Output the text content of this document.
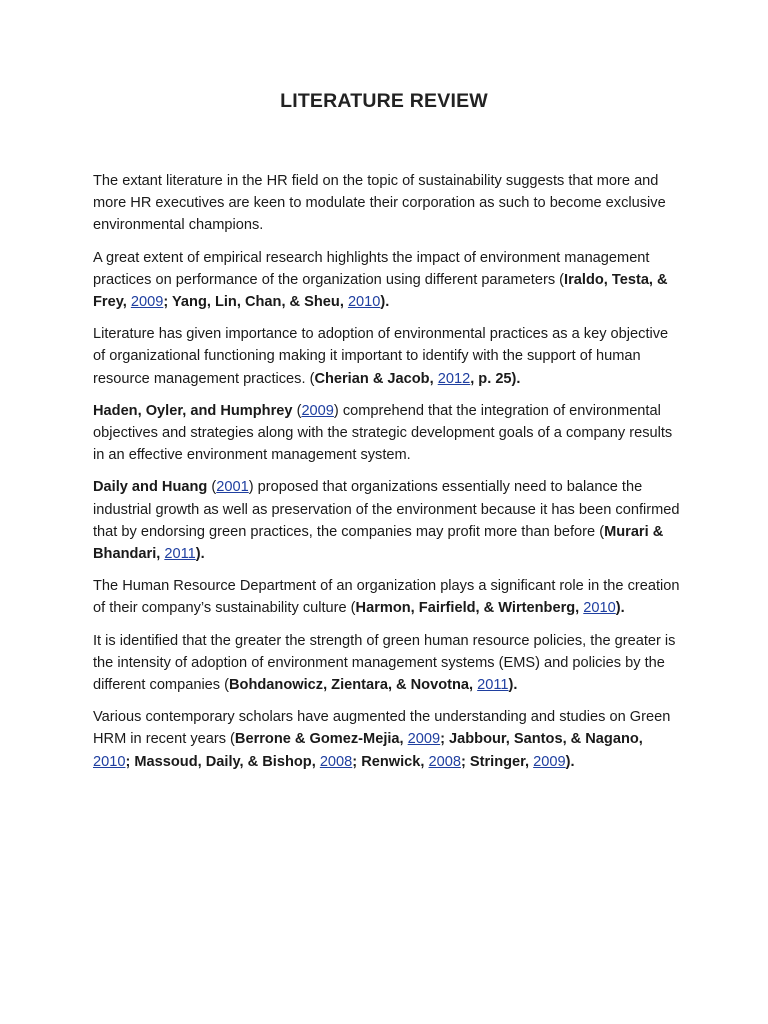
LITERATURE REVIEW

The extant literature in the HR field on the topic of sustainability suggests that more and more HR executives are keen to modulate their corporation as such to become exclusive environmental champions.

A great extent of empirical research highlights the impact of environment management practices on performance of the organization using different parameters (Iraldo, Testa, & Frey, 2009; Yang, Lin, Chan, & Sheu, 2010).

Literature has given importance to adoption of environmental practices as a key objective of organizational functioning making it important to identify with the support of human resource management practices. (Cherian & Jacob, 2012, p. 25).

Haden, Oyler, and Humphrey (2009) comprehend that the integration of environmental objectives and strategies along with the strategic development goals of a company results in an effective environment management system.

Daily and Huang (2001) proposed that organizations essentially need to balance the industrial growth as well as preservation of the environment because it has been confirmed that by endorsing green practices, the companies may profit more than before (Murari & Bhandari, 2011).

The Human Resource Department of an organization plays a significant role in the creation of their company’s sustainability culture (Harmon, Fairfield, & Wirtenberg, 2010).

It is identified that the greater the strength of green human resource policies, the greater is the intensity of adoption of environment management systems (EMS) and policies by the different companies (Bohdanowicz, Zientara, & Novotna, 2011).

Various contemporary scholars have augmented the understanding and studies on Green HRM in recent years (Berrone & Gomez-Mejia, 2009; Jabbour, Santos, & Nagano, 2010; Massoud, Daily, & Bishop, 2008; Renwick, 2008; Stringer, 2009).
